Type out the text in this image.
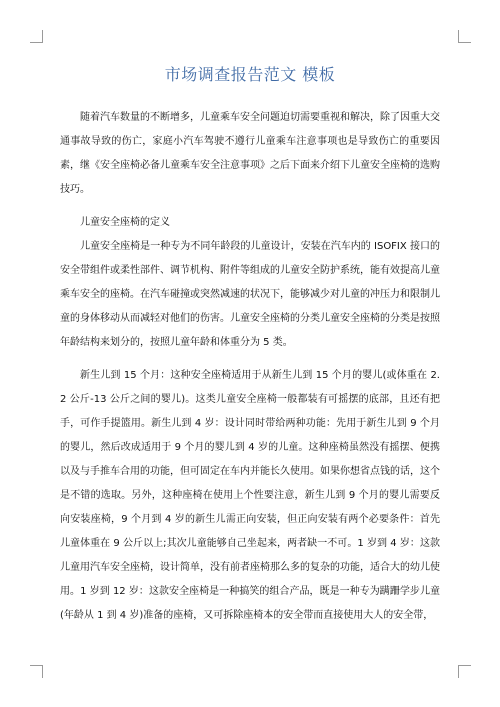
市场调查报告范文 模板

随着汽车数量的不断增多，儿童乘车安全问题迫切需要重视和解决，除了因重大交通事故导致的伤亡，家庭小汽车驾驶不遵行儿童乘车注意事项也是导致伤亡的重要因素，继《安全座椅必备儿童乘车安全注意事项》之后下面来介绍下儿童安全座椅的选购技巧。

儿童安全座椅的定义

儿童安全座椅是一种专为不同年龄段的儿童设计，安装在汽车内的 ISOFIX 接口的安全带组件或柔性部件、调节机构、附件等组成的儿童安全防护系统，能有效提高儿童乘车安全的座椅。在汽车碰撞或突然减速的状况下，能够减少对儿童的冲压力和限制儿童的身体移动从而减轻对他们的伤害。儿童安全座椅的分类儿童安全座椅的分类是按照年龄结构来划分的，按照儿童年龄和体重分为 5 类。

新生儿到 15 个月：这种安全座椅适用于从新生儿到 15 个月的婴儿(或体重在 2.2 公斤-13 公斤之间的婴儿)。这类儿童安全座椅一般都装有可摇摆的底部，且还有把手，可作手提篮用。新生儿到 4 岁：设计同时带给两种功能：先用于新生儿到 9 个月的婴儿，然后改成适用于 9 个月的婴儿到 4 岁的儿童。这种座椅虽然没有摇摆、便携以及与手推车合用的功能，但可固定在车内并能长久使用。如果你想省点钱的话，这个是不错的选取。另外，这种座椅在使用上个性要注意，新生儿到 9 个月的婴儿需要反向安装座椅，9 个月到 4 岁的新生儿需正向安装，但正向安装有两个必要条件：首先儿童体重在 9 公斤以上;其次儿童能够自己坐起来，两者缺一不可。1 岁到 4 岁：这款儿童用汽车安全座椅，设计简单，没有前者座椅那么多的复杂的功能，适合大的幼儿使用。1 岁到 12 岁：这款安全座椅是一种搞笑的组合产品，既是一种专为蹒跚学步儿童(年龄从 1 到 4 岁)准备的座椅，又可拆除座椅本的安全带而直接使用大人的安全带，
